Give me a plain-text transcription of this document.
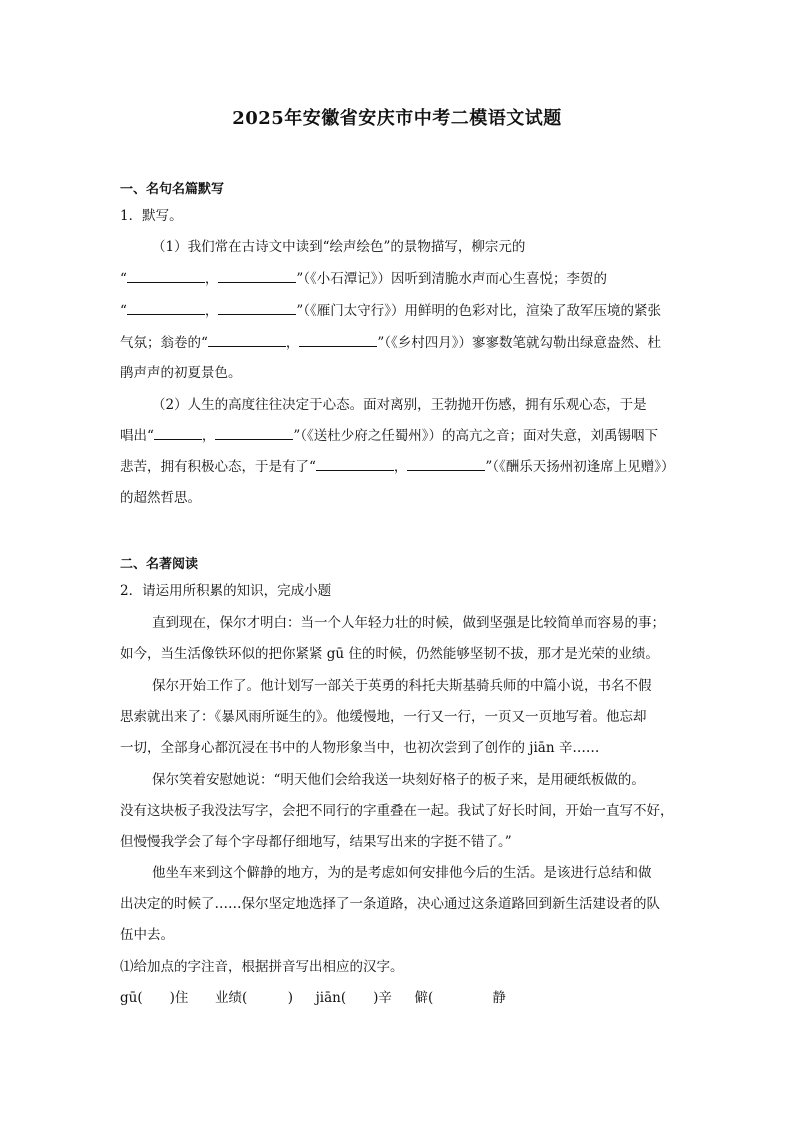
2025年安徽省安庆市中考二模语文试题
一、名句名篇默写
1．默写。
（1）我们常在古诗文中读到“绘声绘色”的景物描写，柳宗元的
“	，	”（《小石潭记》）因听到清脆水声而心生喜悦；李贺的
“	，	”（《雁门太守行》）用鲜明的色彩对比，渲染了敌军压境的紧张
气氛；翁卷的“	，	”（《乡村四月》）寥寥数笔就勾勒出绿意盎然、杜
鹃声声的初夏景色。
（2）人生的高度往往决定于心态。面对离别，王勃抛开伤感，拥有乐观心态，于是
唱出“	，	”（《送杜少府之任蜀州》）的高亢之音；面对失意，刘禹锡咽下
悲苦，拥有积极心态，于是有了“	，	”（《酬乐天扬州初逢席上见赠》）
的超然哲思。
二、名著阅读
2．请运用所积累的知识，完成小题
直到现在，保尔才明白：当一个人年轻力壮的时候，做到坚强是比较简单而容易的事；
如今，当生活像铁环似的把你紧紧 gū 住的时候，仍然能够坚韧不拔，那才是光荣的业绩。
保尔开始工作了。他计划写一部关于英勇的科托夫斯基骑兵师的中篇小说，书名不假
思索就出来了：《暴风雨所诞生的》。他缓慢地，一行又一行，一页又一页地写着。他忘却
一切，全部身心都沉浸在书中的人物形象当中，也初次尝到了创作的 jiān 辛……
保尔笑着安慰她说：“明天他们会给我送一块刻好格子的板子来，是用硬纸板做的。
没有这块板子我没法写字，会把不同行的字重叠在一起。我试了好长时间，开始一直写不好，
但慢慢我学会了每个字母都仔细地写，结果写出来的字挺不错了。”
他坐车来到这个僻静的地方，为的是考虑如何安排他今后的生活。是该进行总结和做
出决定的时候了……保尔坚定地选择了一条道路，决心通过这条道路回到新生活建设者的队
伍中去。
⑴给加点的字注音，根据拼音写出相应的汉字。
gū(　　)住 业绩(　　　) jiān(　　)辛 僻(　　　  静
